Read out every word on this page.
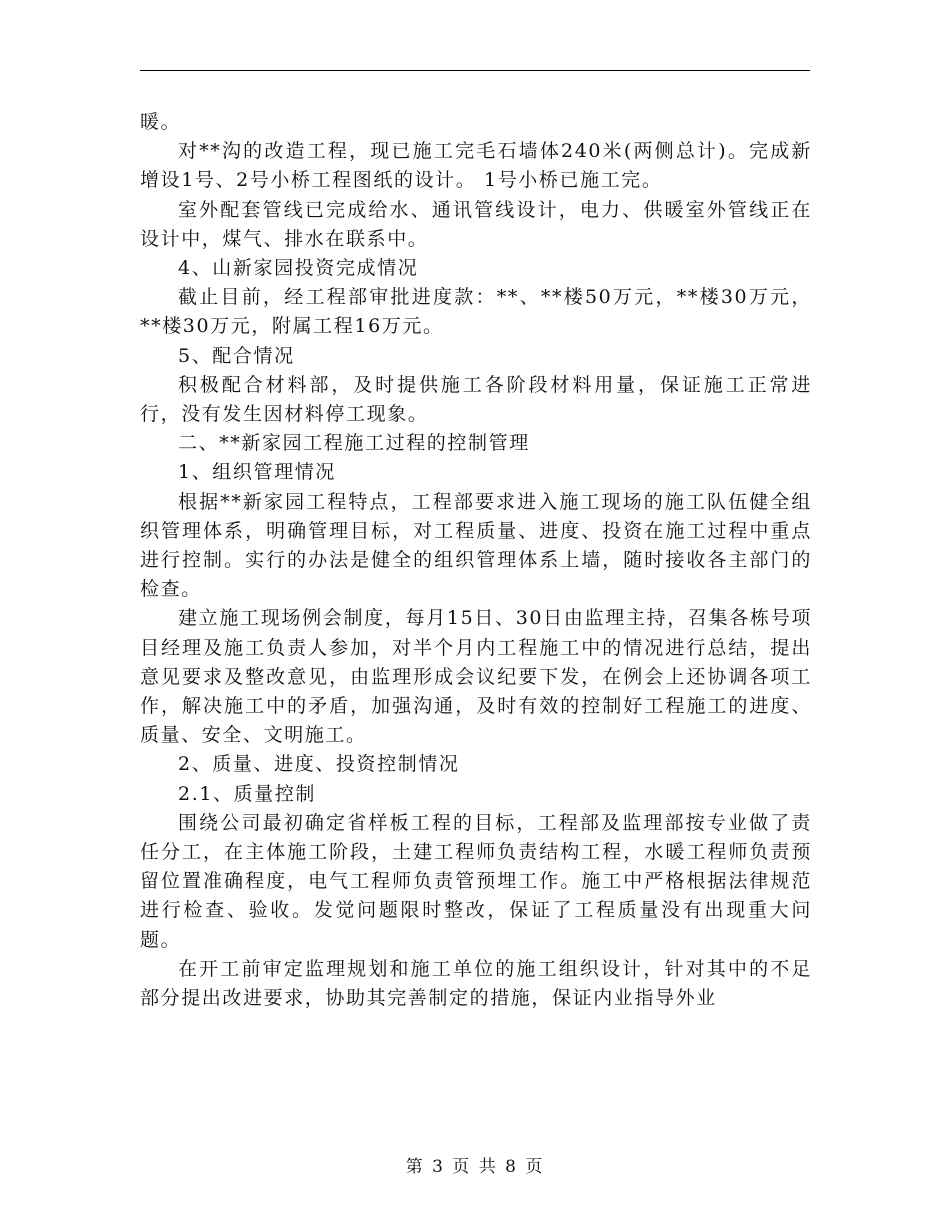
暖。

对**沟的改造工程，现已施工完毛石墙体240米(两侧总计)。完成新增设1号、2号小桥工程图纸的设计。 1号小桥已施工完。

室外配套管线已完成给水、通讯管线设计，电力、供暖室外管线正在设计中，煤气、排水在联系中。

4、山新家园投资完成情况

截止目前，经工程部审批进度款：**、**楼50万元，**楼30万元，**楼30万元，附属工程16万元。

5、配合情况

积极配合材料部，及时提供施工各阶段材料用量，保证施工正常进行，没有发生因材料停工现象。

二、**新家园工程施工过程的控制管理

1、组织管理情况

根据**新家园工程特点，工程部要求进入施工现场的施工队伍健全组织管理体系，明确管理目标，对工程质量、进度、投资在施工过程中重点进行控制。实行的办法是健全的组织管理体系上墙，随时接收各主部门的检查。

建立施工现场例会制度，每月15日、30日由监理主持，召集各栋号项目经理及施工负责人参加，对半个月内工程施工中的情况进行总结，提出意见要求及整改意见，由监理形成会议纪要下发，在例会上还协调各项工作，解决施工中的矛盾，加强沟通，及时有效的控制好工程施工的进度、质量、安全、文明施工。

2、质量、进度、投资控制情况

2.1、质量控制

围绕公司最初确定省样板工程的目标，工程部及监理部按专业做了责任分工，在主体施工阶段，土建工程师负责结构工程，水暖工程师负责预留位置准确程度，电气工程师负责管预埋工作。施工中严格根据法律规范进行检查、验收。发觉问题限时整改，保证了工程质量没有出现重大问题。

在开工前审定监理规划和施工单位的施工组织设计，针对其中的不足部分提出改进要求，协助其完善制定的措施，保证内业指导外业

第 3 页 共 8 页
